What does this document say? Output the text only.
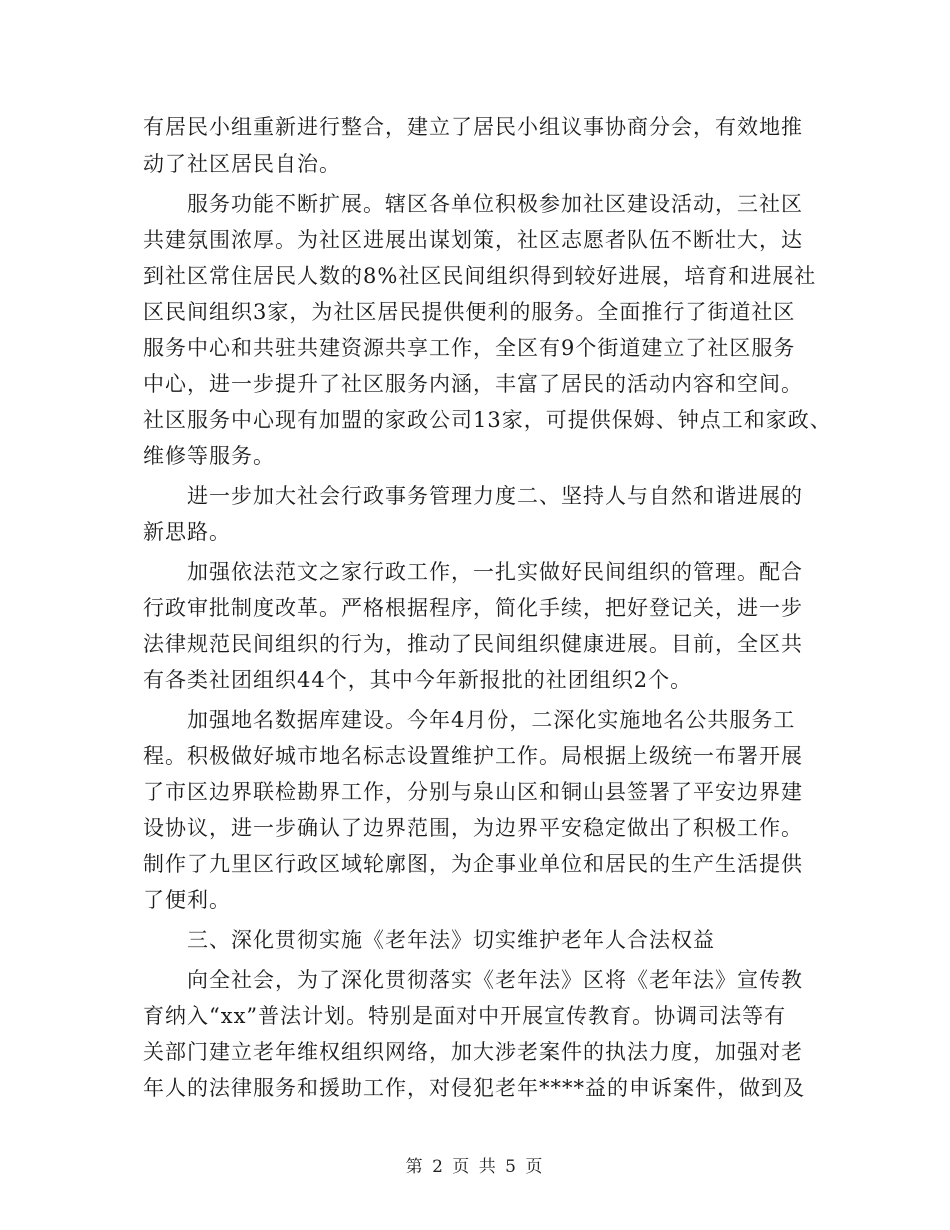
有居民小组重新进行整合，建立了居民小组议事协商分会，有效地推

动了社区居民自治。

服务功能不断扩展。辖区各单位积极参加社区建设活动，三社区

共建氛围浓厚。为社区进展出谋划策，社区志愿者队伍不断壮大，达

到社区常住居民人数的8%社区民间组织得到较好进展，培育和进展社

区民间组织3家，为社区居民提供便利的服务。全面推行了街道社区

服务中心和共驻共建资源共享工作，全区有9个街道建立了社区服务

中心，进一步提升了社区服务内涵，丰富了居民的活动内容和空间。

社区服务中心现有加盟的家政公司13家，可提供保姆、钟点工和家政、

维修等服务。

进一步加大社会行政事务管理力度二、坚持人与自然和谐进展的

新思路。

加强依法范文之家行政工作，一扎实做好民间组织的管理。配合

行政审批制度改革。严格根据程序，简化手续，把好登记关，进一步

法律规范民间组织的行为，推动了民间组织健康进展。目前，全区共

有各类社团组织44个，其中今年新报批的社团组织2个。

加强地名数据库建设。今年4月份，二深化实施地名公共服务工

程。积极做好城市地名标志设置维护工作。局根据上级统一布署开展

了市区边界联检勘界工作，分别与泉山区和铜山县签署了平安边界建

设协议，进一步确认了边界范围，为边界平安稳定做出了积极工作。

制作了九里区行政区域轮廓图，为企事业单位和居民的生产生活提供

了便利。

三、深化贯彻实施《老年法》切实维护老年人合法权益

向全社会，为了深化贯彻落实《老年法》区将《老年法》宣传教

育纳入“xx”普法计划。特别是面对中开展宣传教育。协调司法等有

关部门建立老年维权组织网络，加大涉老案件的执法力度，加强对老

年人的法律服务和援助工作，对侵犯老年****益的申诉案件，做到及

第 2 页 共 5 页
